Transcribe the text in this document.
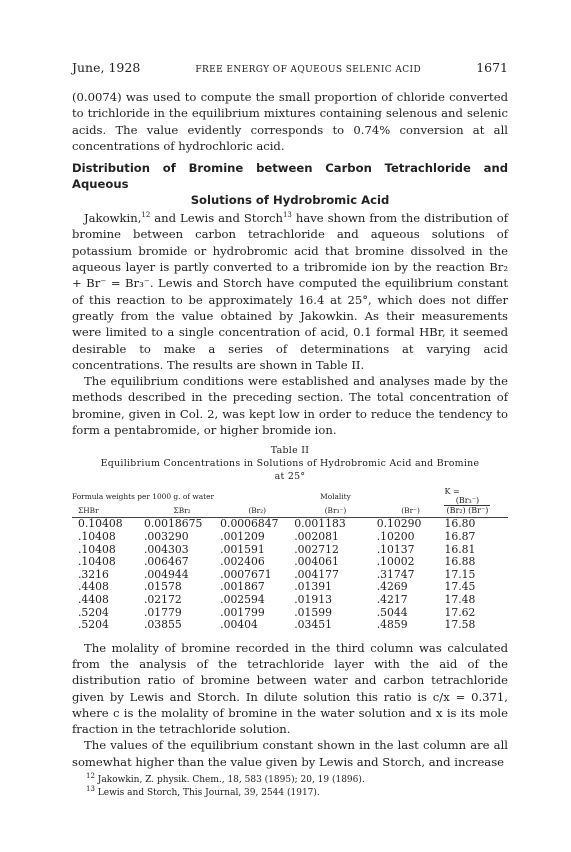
June, 1928	FREE ENERGY OF AQUEOUS SELENIC ACID	1671

(0.0074) was used to compute the small proportion of chloride converted to trichloride in the equilibrium mixtures containing selenous and selenic acids. The value evidently corresponds to 0.74% conversion at all concentrations of hydrochloric acid.

Distribution of Bromine between Carbon Tetrachloride and Aqueous
Solutions of Hydrobromic Acid

Jakowkin,$^{12}$ and Lewis and Storch$^{13}$ have shown from the distribution of bromine between carbon tetrachloride and aqueous solutions of potassium bromide or hydrobromic acid that bromine dissolved in the aqueous layer is partly converted to a tribromide ion by the reaction Br₂ + Br⁻ = Br₃⁻. Lewis and Storch have computed the equilibrium constant of this reaction to be approximately 16.4 at 25°, which does not differ greatly from the value obtained by Jakowkin. As their measurements were limited to a single concentration of acid, 0.1 formal HBr, it seemed desirable to make a series of determinations at varying acid concentrations. The results are shown in Table II.

The equilibrium conditions were established and analyses made by the methods described in the preceding section. The total concentration of bromine, given in Col. 2, was kept low in order to reduce the tendency to form a pentabromide, or higher bromide ion.

Table II
Equilibrium Concentrations in Solutions of Hydrobromic Acid and Bromine
at 25°
Formula weights per 1000 g. of water			Molality		K =
$\frac{\text{(Br₃⁻)}}{\text{(Br₂) (Br⁻)}}$

ΣHBr	ΣBr₂	(Br₂)	(Br₃⁻)	(Br⁻)	

0.10408	0.0018675	0.0006847	0.001183	0.10290	16.80
.10408	.003290	.001209	.002081	.10200	16.87
.10408	.004303	.001591	.002712	.10137	16.81
.10408	.006467	.002406	.004061	.10002	16.88
.3216	.004944	.0007671	.004177	.31747	17.15
.4408	.01578	.001867	.01391	.4269	17.45
.4408	.02172	.002594	.01913	.4217	17.48
.5204	.01779	.001799	.01599	.5044	17.62
.5204	.03855	.00404	.03451	.4859	17.58

The molality of bromine recorded in the third column was calculated from the analysis of the tetrachloride layer with the aid of the distribution ratio of bromine between water and carbon tetrachloride given by Lewis and Storch. In dilute solution this ratio is c/x = 0.371, where c is the molality of bromine in the water solution and x is its mole fraction in the tetrachloride solution.

The values of the equilibrium constant shown in the last column are all somewhat higher than the value given by Lewis and Storch, and increase

$^{12}$ Jakowkin, Z. physik. Chem., 18, 583 (1895); 20, 19 (1896).
$^{13}$ Lewis and Storch, This Journal, 39, 2544 (1917).
